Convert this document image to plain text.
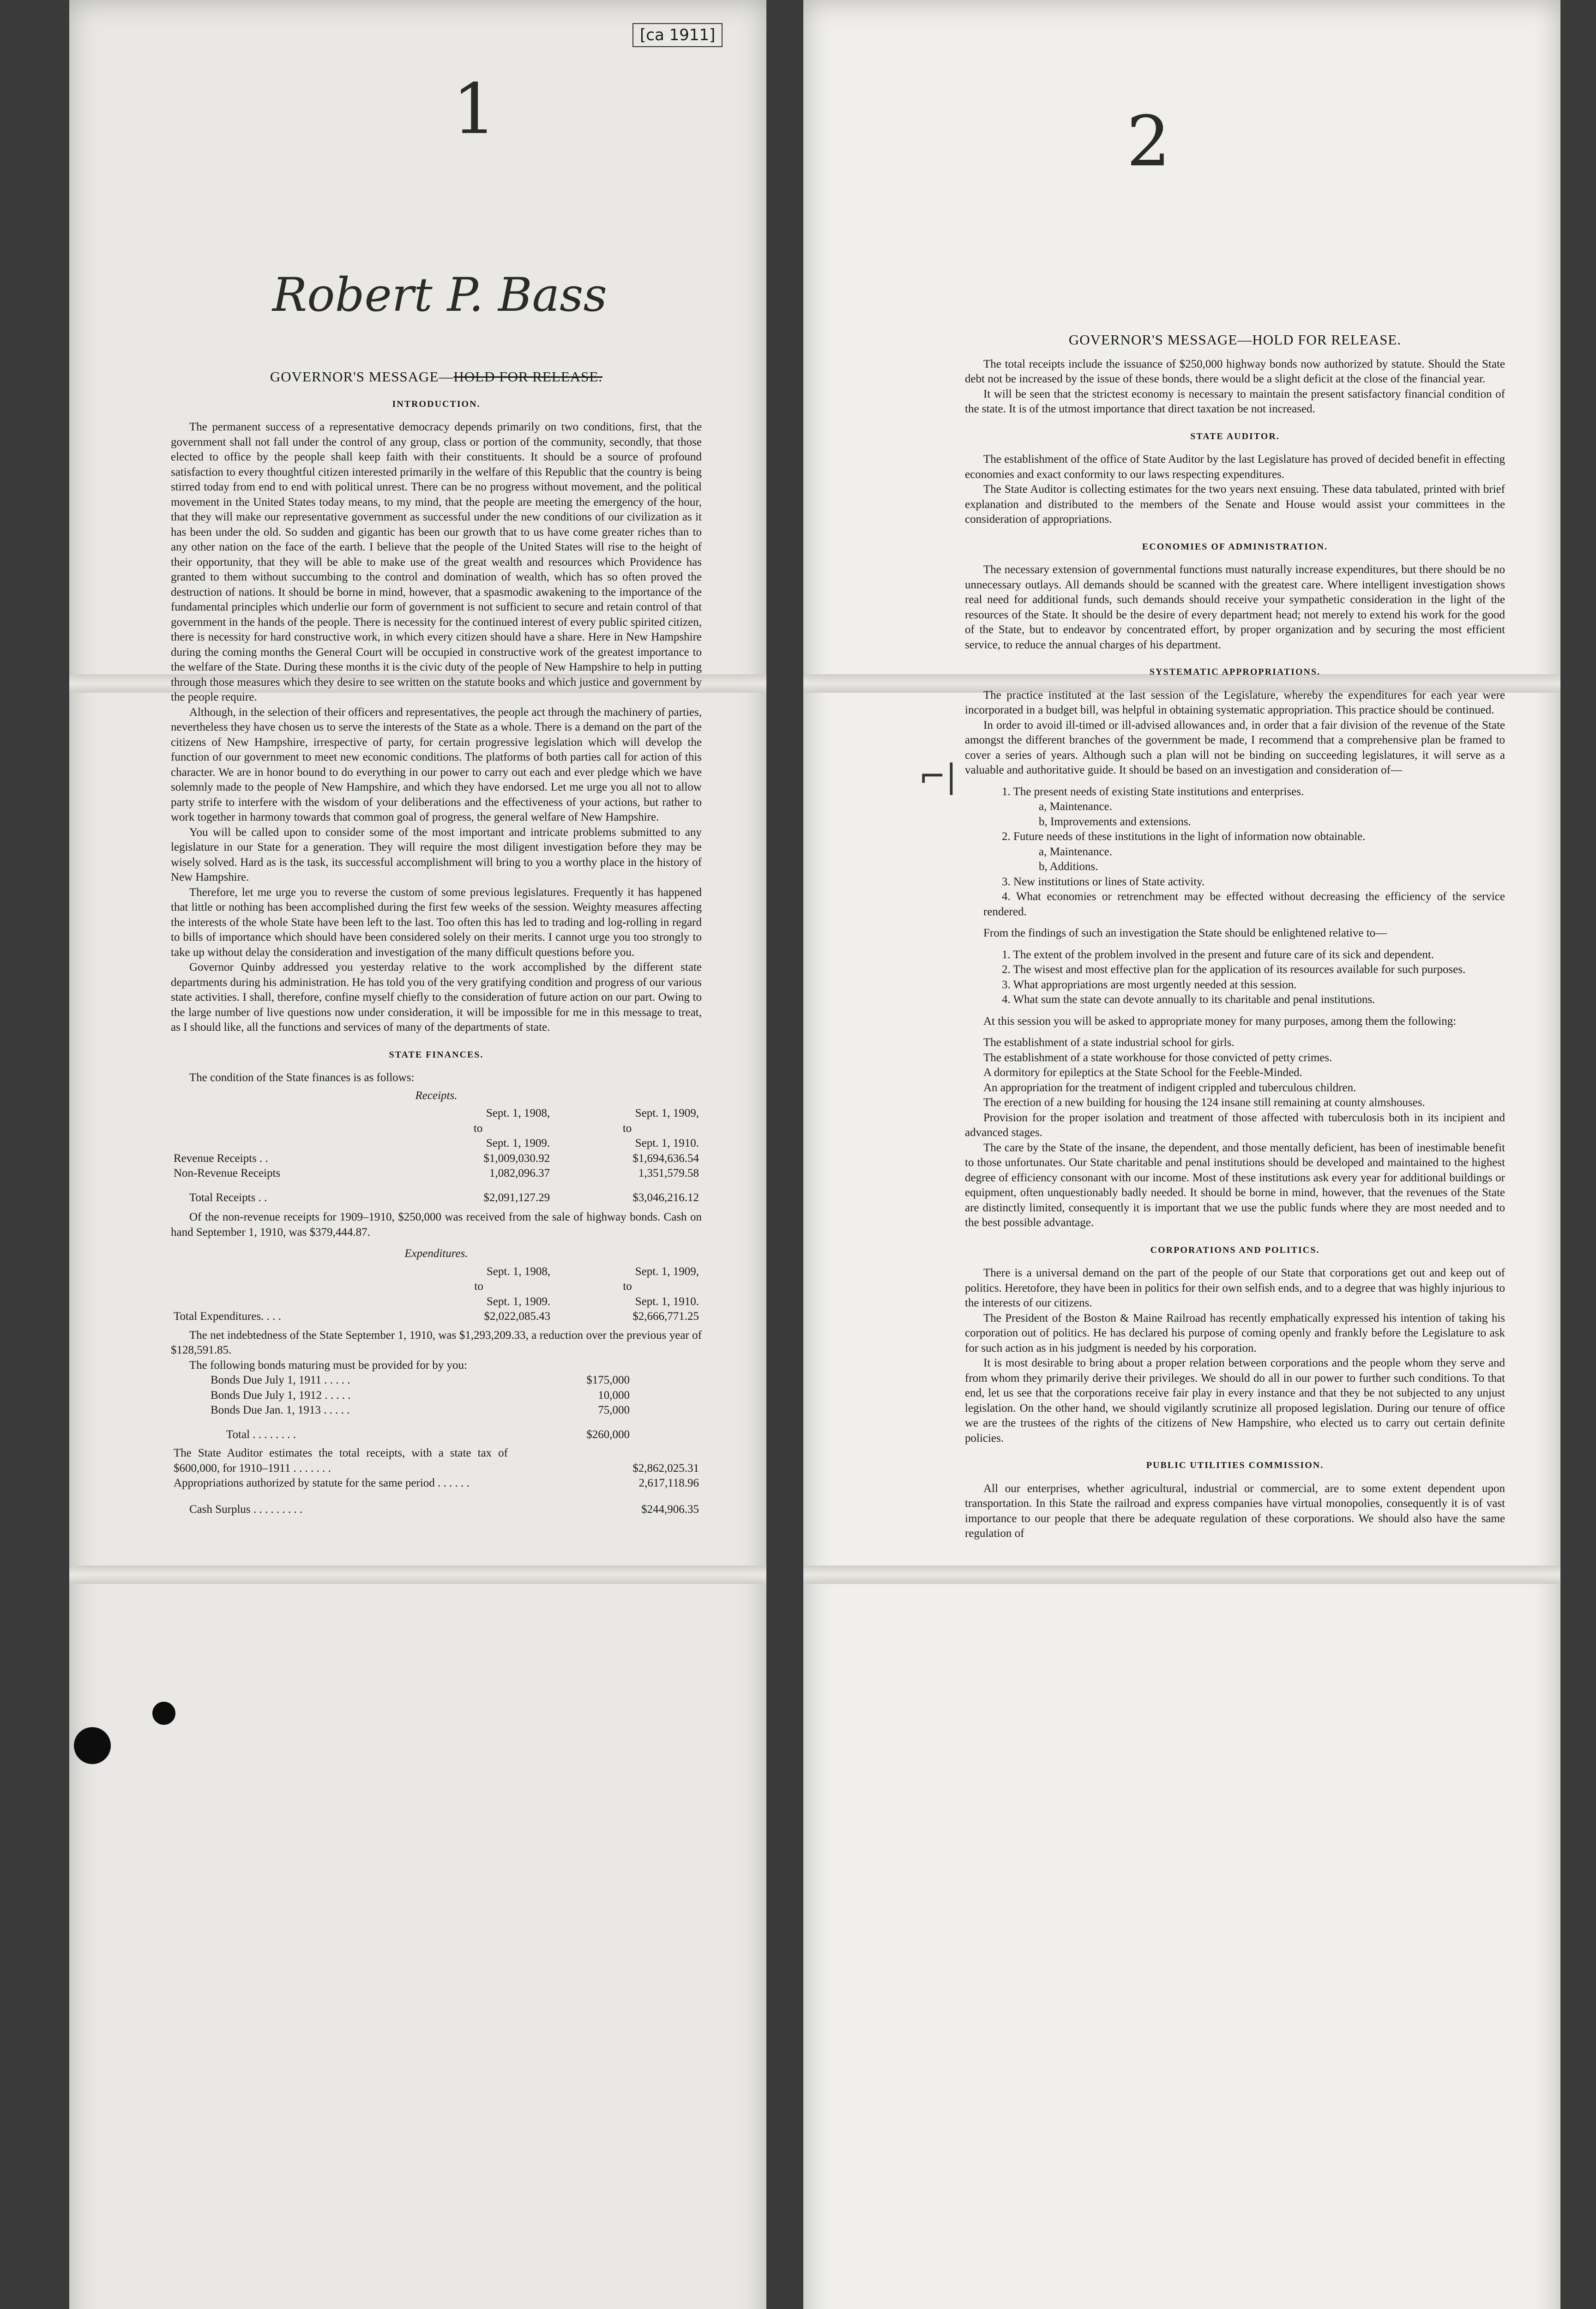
1
Robert P. Bass
GOVERNOR'S MESSAGE—HOLD FOR RELEASE.
INTRODUCTION.

The permanent success of a representative democracy depends primarily on two conditions, first, that the government shall not fall under the control of any group, class or portion of the community, secondly, that those elected to office by the people shall keep faith with their constituents. It should be a source of profound satisfaction to every thoughtful citizen interested primarily in the welfare of this Republic that the country is being stirred today from end to end with political unrest. There can be no progress without movement, and the political movement in the United States today means, to my mind, that the people are meeting the emergency of the hour, that they will make our representative government as successful under the new conditions of our civilization as it has been under the old. So sudden and gigantic has been our growth that to us have come greater riches than to any other nation on the face of the earth. I believe that the people of the United States will rise to the height of their opportunity, that they will be able to make use of the great wealth and resources which Providence has granted to them without succumbing to the control and domination of wealth, which has so often proved the destruction of nations. It should be borne in mind, however, that a spasmodic awakening to the importance of the fundamental principles which underlie our form of government is not sufficient to secure and retain control of that government in the hands of the people. There is necessity for the continued interest of every public spirited citizen, there is necessity for hard constructive work, in which every citizen should have a share. Here in New Hampshire during the coming months the General Court will be occupied in constructive work of the greatest importance to the welfare of the State. During these months it is the civic duty of the people of New Hampshire to help in putting through those measures which they desire to see written on the statute books and which justice and government by the people require.

Although, in the selection of their officers and representatives, the people act through the machinery of parties, nevertheless they have chosen us to serve the interests of the State as a whole. There is a demand on the part of the citizens of New Hampshire, irrespective of party, for certain progressive legislation which will develop the function of our government to meet new economic conditions. The platforms of both parties call for action of this character. We are in honor bound to do everything in our power to carry out each and ever pledge which we have solemnly made to the people of New Hampshire, and which they have endorsed. Let me urge you all not to allow party strife to interfere with the wisdom of your deliberations and the effectiveness of your actions, but rather to work together in harmony towards that common goal of progress, the general welfare of New Hampshire.

You will be called upon to consider some of the most important and intricate problems submitted to any legislature in our State for a generation. They will require the most diligent investigation before they may be wisely solved. Hard as is the task, its successful accomplishment will bring to you a worthy place in the history of New Hampshire.

Therefore, let me urge you to reverse the custom of some previous legislatures. Frequently it has happened that little or nothing has been accomplished during the first few weeks of the session. Weighty measures affecting the interests of the whole State have been left to the last. Too often this has led to trading and log-rolling in regard to bills of importance which should have been considered solely on their merits. I cannot urge you too strongly to take up without delay the consideration and investigation of the many difficult questions before you.

Governor Quinby addressed you yesterday relative to the work accomplished by the different state departments during his administration. He has told you of the very gratifying condition and progress of our various state activities. I shall, therefore, confine myself chiefly to the consideration of future action on our part. Owing to the large number of live questions now under consideration, it will be impossible for me in this message to treat, as I should like, all the functions and services of many of the departments of state.

STATE FINANCES.

The condition of the State finances is as follows:

Receipts.
	Sept. 1, 1908,	Sept. 1, 1909,
	to	to
	Sept. 1, 1909.	Sept. 1, 1910.
Revenue Receipts . .	$1,009,030.92	$1,694,636.54
Non-Revenue Receipts	1,082,096.37	1,351,579.58

Total Receipts . .	$2,091,127.29	$3,046,216.12

Of the non-revenue receipts for 1909–1910, $250,000 was received from the sale of highway bonds. Cash on hand September 1, 1910, was $379,444.87.

Expenditures.
	Sept. 1, 1908,	Sept. 1, 1909,
	to	to
	Sept. 1, 1909.	Sept. 1, 1910.
Total Expenditures. . . .	$2,022,085.43	$2,666,771.25

The net indebtedness of the State September 1, 1910, was $1,293,209.33, a reduction over the previous year of $128,591.85.

The following bonds maturing must be provided for by you:

Bonds Due July 1, 1911 . . . . .	$175,000
Bonds Due July 1, 1912 . . . . .	10,000
Bonds Due Jan. 1, 1913 . . . . .	75,000

Total . . . . . . . .	$260,000
The State Auditor estimates the total receipts, with a state tax of $600,000, for 1910–1911 . . . . . . .	$2,862,025.31
Appropriations authorized by statute for the same period . . . . . .	2,617,118.96

Cash Surplus . . . . . . . . .	$244,906.35
2
⌐|
GOVERNOR'S MESSAGE—HOLD FOR RELEASE.

The total receipts include the issuance of $250,000 highway bonds now authorized by statute. Should the State debt not be increased by the issue of these bonds, there would be a slight deficit at the close of the financial year.

It will be seen that the strictest economy is necessary to maintain the present satisfactory financial condition of the state. It is of the utmost importance that direct taxation be not increased.

STATE AUDITOR.

The establishment of the office of State Auditor by the last Legislature has proved of decided benefit in effecting economies and exact conformity to our laws respecting expenditures.

The State Auditor is collecting estimates for the two years next ensuing. These data tabulated, printed with brief explanation and distributed to the members of the Senate and House would assist your committees in the consideration of appropriations.

ECONOMIES OF ADMINISTRATION.

The necessary extension of governmental functions must naturally increase expenditures, but there should be no unnecessary outlays. All demands should be scanned with the greatest care. Where intelligent investigation shows real need for additional funds, such demands should receive your sympathetic consideration in the light of the resources of the State. It should be the desire of every department head; not merely to extend his work for the good of the State, but to endeavor by concentrated effort, by proper organization and by securing the most efficient service, to reduce the annual charges of his department.

SYSTEMATIC APPROPRIATIONS.

The practice instituted at the last session of the Legislature, whereby the expenditures for each year were incorporated in a budget bill, was helpful in obtaining systematic appropriation. This practice should be continued.

In order to avoid ill-timed or ill-advised allowances and, in order that a fair division of the revenue of the State amongst the different branches of the government be made, I recommend that a comprehensive plan be framed to cover a series of years. Although such a plan will not be binding on succeeding legislatures, it will serve as a valuable and authoritative guide. It should be based on an investigation and consideration of—

1. The present needs of existing State institutions and enterprises.

a, Maintenance.

b, Improvements and extensions.

2. Future needs of these institutions in the light of information now obtainable.

a, Maintenance.

b, Additions.

3. New institutions or lines of State activity.

4. What economies or retrenchment may be effected without decreasing the efficiency of the service rendered.

From the findings of such an investigation the State should be enlightened relative to—

1. The extent of the problem involved in the present and future care of its sick and dependent.

2. The wisest and most effective plan for the application of its resources available for such purposes.

3. What appropriations are most urgently needed at this session.

4. What sum the state can devote annually to its charitable and penal institutions.

At this session you will be asked to appropriate money for many purposes, among them the following:

The establishment of a state industrial school for girls.

The establishment of a state workhouse for those convicted of petty crimes.

A dormitory for epileptics at the State School for the Feeble-Minded.

An appropriation for the treatment of indigent crippled and tuberculous children.

The erection of a new building for housing the 124 insane still remaining at county almshouses.

Provision for the proper isolation and treatment of those affected with tuberculosis both in its incipient and advanced stages.

The care by the State of the insane, the dependent, and those mentally deficient, has been of inestimable benefit to those unfortunates. Our State charitable and penal institutions should be developed and maintained to the highest degree of efficiency consonant with our income. Most of these institutions ask every year for additional buildings or equipment, often unquestionably badly needed. It should be borne in mind, however, that the revenues of the State are distinctly limited, consequently it is important that we use the public funds where they are most needed and to the best possible advantage.

CORPORATIONS AND POLITICS.

There is a universal demand on the part of the people of our State that corporations get out and keep out of politics. Heretofore, they have been in politics for their own selfish ends, and to a degree that was highly injurious to the interests of our citizens.

The President of the Boston & Maine Railroad has recently emphatically expressed his intention of taking his corporation out of politics. He has declared his purpose of coming openly and frankly before the Legislature to ask for such action as in his judgment is needed by his corporation.

It is most desirable to bring about a proper relation between corporations and the people whom they serve and from whom they primarily derive their privileges. We should do all in our power to further such conditions. To that end, let us see that the corporations receive fair play in every instance and that they be not subjected to any unjust legislation. On the other hand, we should vigilantly scrutinize all proposed legislation. During our tenure of office we are the trustees of the rights of the citizens of New Hampshire, who elected us to carry out certain definite policies.

PUBLIC UTILITIES COMMISSION.

All our enterprises, whether agricultural, industrial or commercial, are to some extent dependent upon transportation. In this State the railroad and express companies have virtual monopolies, consequently it is of vast importance to our people that there be adequate regulation of these corporations. We should also have the same regulation of

[ca 1911]
